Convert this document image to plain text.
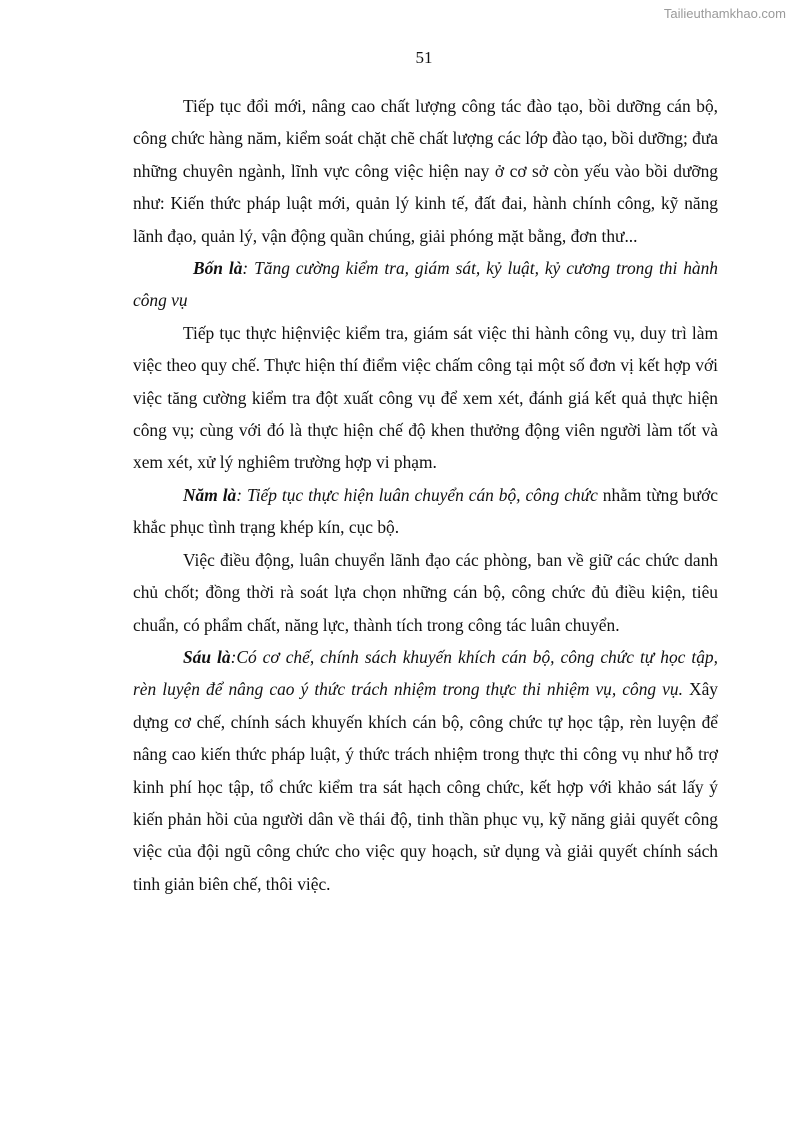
Tailieuthamkhao.com
51

Tiếp tục đổi mới, nâng cao chất lượng công tác đào tạo, bồi dưỡng cán bộ, công chức hàng năm, kiểm soát chặt chẽ chất lượng các lớp đào tạo, bồi dưỡng; đưa những chuyên ngành, lĩnh vực công việc hiện nay ở cơ sở còn yếu vào bồi dưỡng như: Kiến thức pháp luật mới, quản lý kinh tế, đất đai, hành chính công, kỹ năng lãnh đạo, quản lý, vận động quần chúng, giải phóng mặt bằng, đơn thư...

Bốn là: Tăng cường kiểm tra, giám sát, kỷ luật, kỷ cương trong thi hành công vụ

Tiếp tục thực hiệnviệc kiểm tra, giám sát việc thi hành công vụ, duy trì làm việc theo quy chế. Thực hiện thí điểm việc chấm công tại một số đơn vị kết hợp với việc tăng cường kiểm tra đột xuất công vụ để xem xét, đánh giá kết quả thực hiện công vụ; cùng với đó là thực hiện chế độ khen thưởng động viên người làm tốt và xem xét, xử lý nghiêm trường hợp vi phạm.

Năm là: Tiếp tục thực hiện luân chuyển cán bộ, công chức nhằm từng bước khắc phục tình trạng khép kín, cục bộ.

Việc điều động, luân chuyển lãnh đạo các phòng, ban về giữ các chức danh chủ chốt; đồng thời rà soát lựa chọn những cán bộ, công chức đủ điều kiện, tiêu chuẩn, có phẩm chất, năng lực, thành tích trong công tác luân chuyển.

Sáu là:Có cơ chế, chính sách khuyến khích cán bộ, công chức tự học tập, rèn luyện để nâng cao ý thức trách nhiệm trong thực thi nhiệm vụ, công vụ. Xây dựng cơ chế, chính sách khuyến khích cán bộ, công chức tự học tập, rèn luyện để nâng cao kiến thức pháp luật, ý thức trách nhiệm trong thực thi công vụ như hỗ trợ kinh phí học tập, tổ chức kiểm tra sát hạch công chức, kết hợp với khảo sát lấy ý kiến phản hồi của người dân về thái độ, tinh thần phục vụ, kỹ năng giải quyết công việc của đội ngũ công chức cho việc quy hoạch, sử dụng và giải quyết chính sách tinh giản biên chế, thôi việc.
